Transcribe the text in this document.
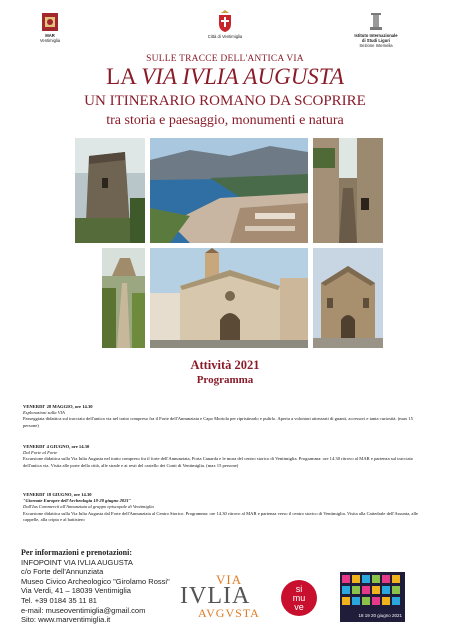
MAR
Ventimiglia
Città di Ventimiglia	Istituto Internazionale
di Studi Liguri
Sezione Intemelia
SULLE TRACCE DELL'ANTICA VIA
LA VIA IVLIA AUGUSTA
UN ITINERARIO ROMANO DA SCOPRIRE
tra storia e paesaggio, monumenti e natura
Attività 2021
Programma
VENERDI' 28 MAGGIO, ore 14.30
Esplorazioni sulla VIA
Passeggiata didattica sul tracciato dell'antica via nel tratto compreso fra il Forte dell'Annunziata e Capo Mortola per ripristinarlo e pulirlo. Aperta a volontari attrezzati di guanti, accessori e tanta curiosità. (max 15 persone)
VENERDI' 4 GIUGNO, ore 14.30
Dal Forte al Forte
Escursione didattica sulla Via Iulia Augusta nel tratto compreso fra il forte dell'Annunziata, Porta Canarda e le mura del centro storico di Ventimiglia. Programma: ore 14.30 ritrovo al MAR e partenza sul tracciato dell'antica via. Visita alle porte della città, alle strade e ai resti del castello dei Conti di Ventimiglia. (max 15 persone)
VENERDI' 18 GIUGNO, ore 14.30
"Giornate Europee dell'Archeologia 18-20 giugno 2021"
Dall'Ius Commercii all'Annunziata al gruppo episcopale di Ventimiglia
Escursione didattica sulla Via Iulia Augusta dal Forte dell'Annunziata al Centro Storico. Programma: ore 14.30 ritrovo al MAR e partenza verso il centro storico di Ventimiglia. Visita alla Cattedrale dell'Assunta, alle cappelle, alla cripta e al battistero
Per informazioni e prenotazioni:
INFOPOINT VIA IVLIA AUGUSTA
c/o Forte dell'Annunziata
Museo Civico Archeologico "Girolamo Rossi"
Via Verdi, 41 – 18039 Ventimiglia
Tel. +39 0184 35 11 81
e-mail: museoventimiglia@gmail.com
Sito: www.marventimiglia.it
VIA
IVLIA
AVGVSTA
si
mu
ve
18 19 20 giugno 2021
